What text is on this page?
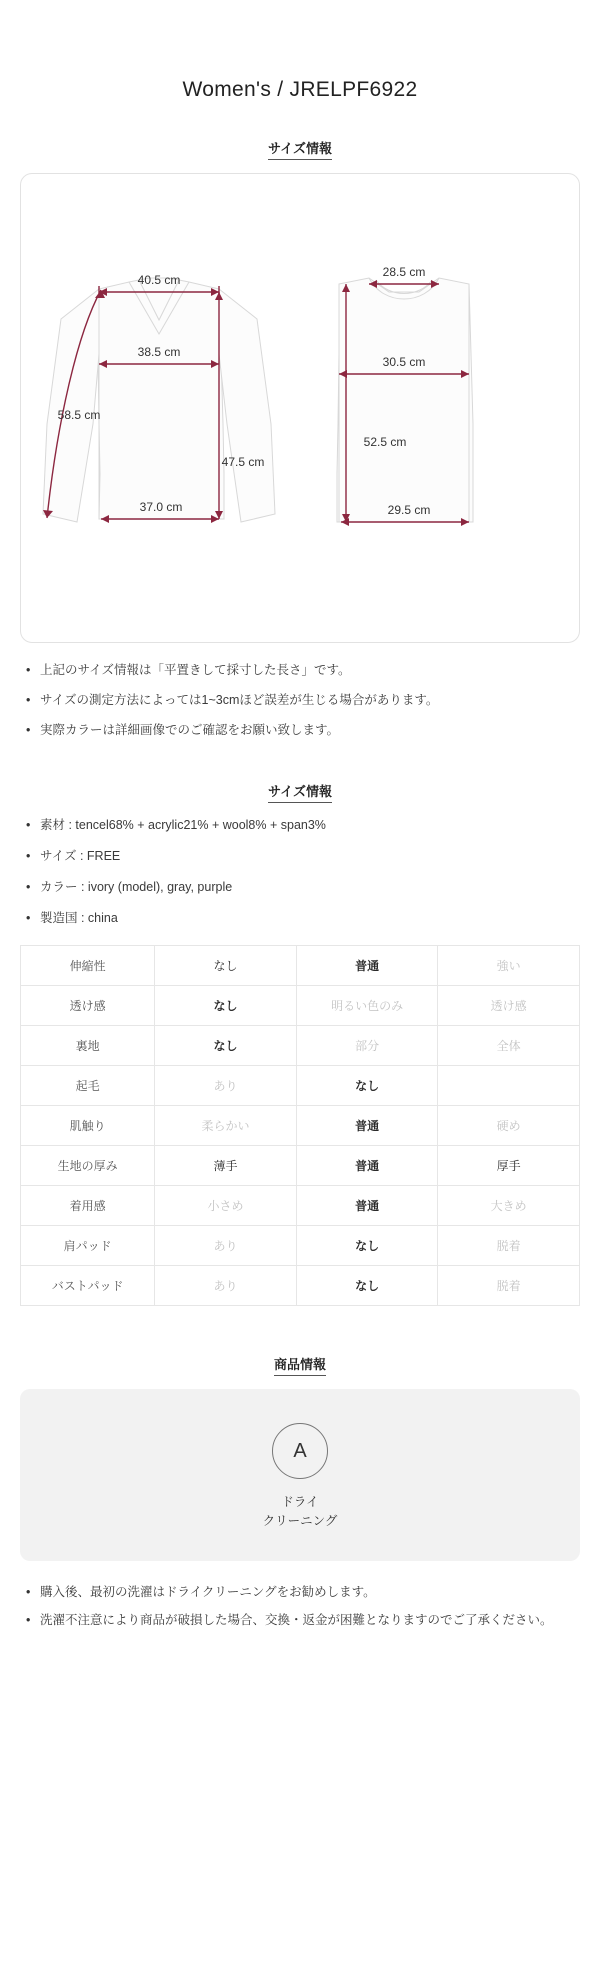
Women's / JRELPF6922
サイズ情報
40.5 cm
38.5 cm
58.5 cm
47.5 cm
37.0 cm
28.5 cm
30.5 cm
52.5 cm
29.5 cm
• 上記のサイズ情報は「平置きして採寸した長さ」です。
• サイズの測定方法によっては1~3cmほど誤差が生じる場合があります。
• 実際カラーは詳細画像でのご確認をお願い致します。
サイズ情報
• 素材 : tencel68% + acrylic21% + wool8% + span3%
• サイズ : FREE
• カラー : ivory (model), gray, purple
• 製造国 : china
伸縮性	なし	普通	強い
透け感	なし	明るい色のみ	透け感
裏地	なし	部分	全体
起毛	あり	なし	
肌触り	柔らかい	普通	硬め
生地の厚み	薄手	普通	厚手
着用感	小さめ	普通	大きめ
肩パッド	あり	なし	脱着
バストパッド	あり	なし	脱着
商品情報
A
ドライ
クリーニング
• 購入後、最初の洗濯はドライクリーニングをお勧めします。
• 洗濯不注意により商品が破損した場合、交換・返金が困難となりますのでご了承ください。
